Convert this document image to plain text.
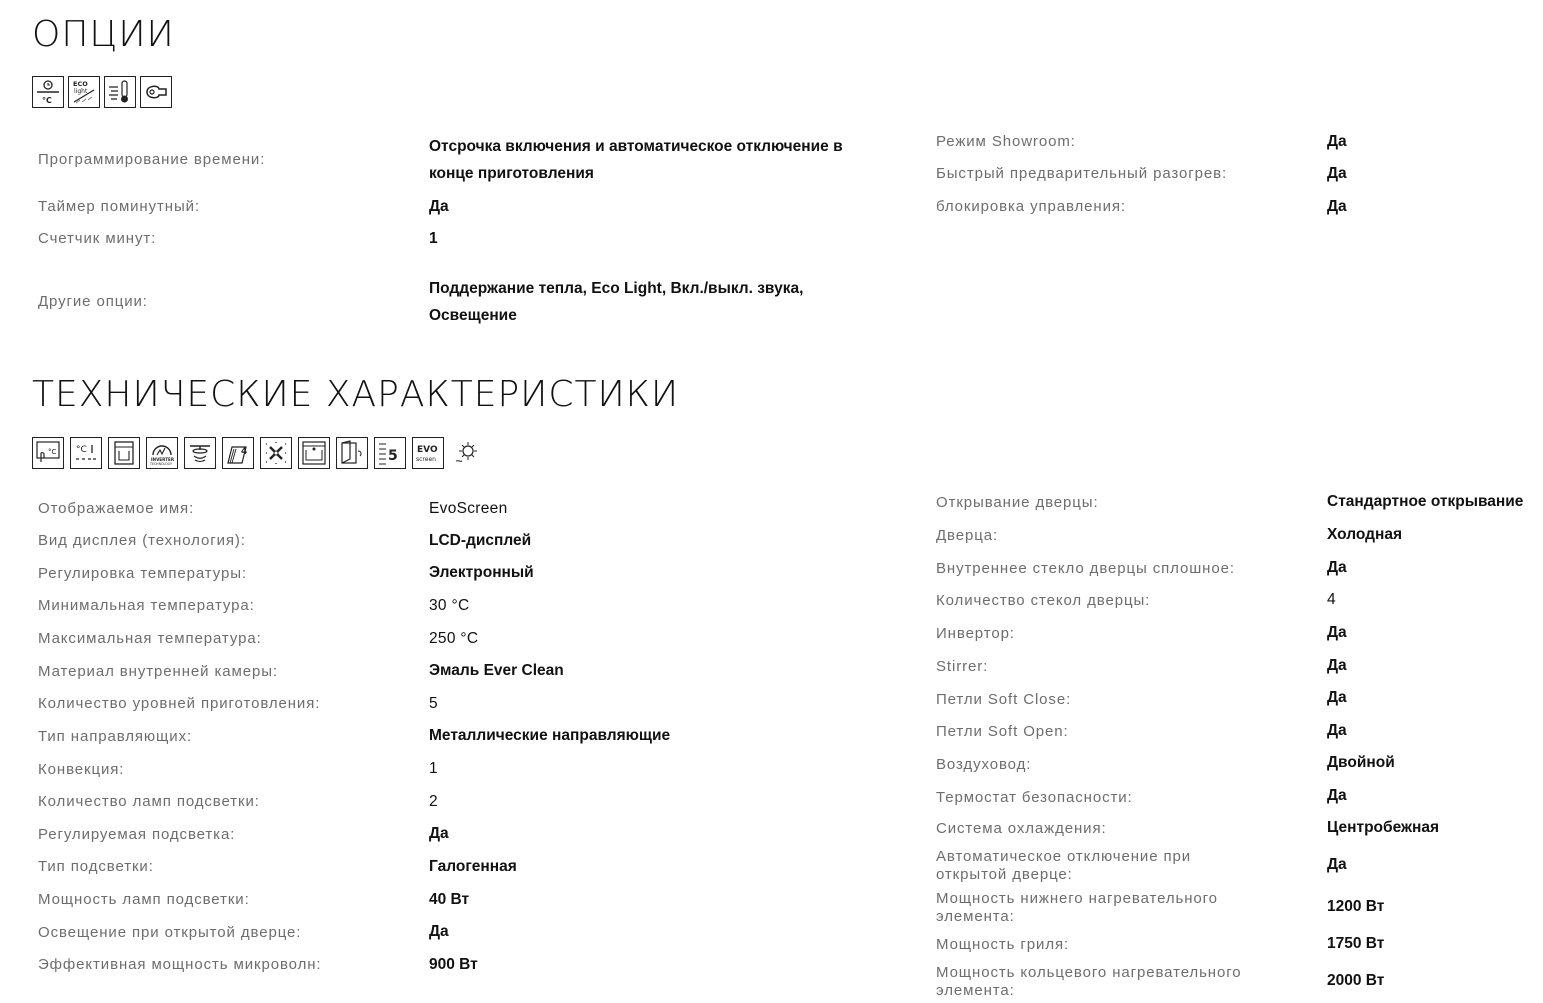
ОПЦИИ
°C
ECO
light
Программирование времени:
Отсрочка включения и автоматическое отключение в конце приготовления
Таймер поминутный:	Да
Счетчик минут:	1
Другие опции:
Поддержание тепла, Eco Light, Вкл./выкл. звука, Освещение
Режим Showroom:	Да
Быстрый предварительный разогрев:	Да
блокировка управления:	Да
ТЕХНИЧЕСКИЕ ХАРАКТЕРИСТИКИ
°C °C
INVERTER
TECHNOLOGY
4	5 EVO
screen
Отображаемое имя:	EvoScreen
Вид дисплея (технология):	LCD-дисплей
Регулировка температуры:	Электронный
Минимальная температура:	30 °C
Максимальная температура:	250 °C
Материал внутренней камеры:	Эмаль Ever Clean
Количество уровней приготовления:	5
Тип направляющих:	Металлические направляющие
Конвекция:	1
Количество ламп подсветки:	2
Регулируемая подсветка:	Да
Тип подсветки:	Галогенная
Мощность ламп подсветки:	40 Вт
Освещение при открытой дверце:	Да
Эффективная мощность микроволн:	900 Вт
Открывание дверцы:	Стандартное открывание
Дверца:	Холодная
Внутреннее стекло дверцы сплошное:	Да
Количество стекол дверцы:	4
Инвертор:	Да
Stirrer:	Да
Петли Soft Close:	Да
Петли Soft Open:	Да
Воздуховод:	Двойной
Термостат безопасности:	Да
Система охлаждения:	Центробежная
Автоматическое отключение при открытой дверце:
Да
Мощность нижнего нагревательного элемента:
1200 Вт
Мощность гриля:	1750 Вт
Мощность кольцевого нагревательного элемента:
2000 Вт
